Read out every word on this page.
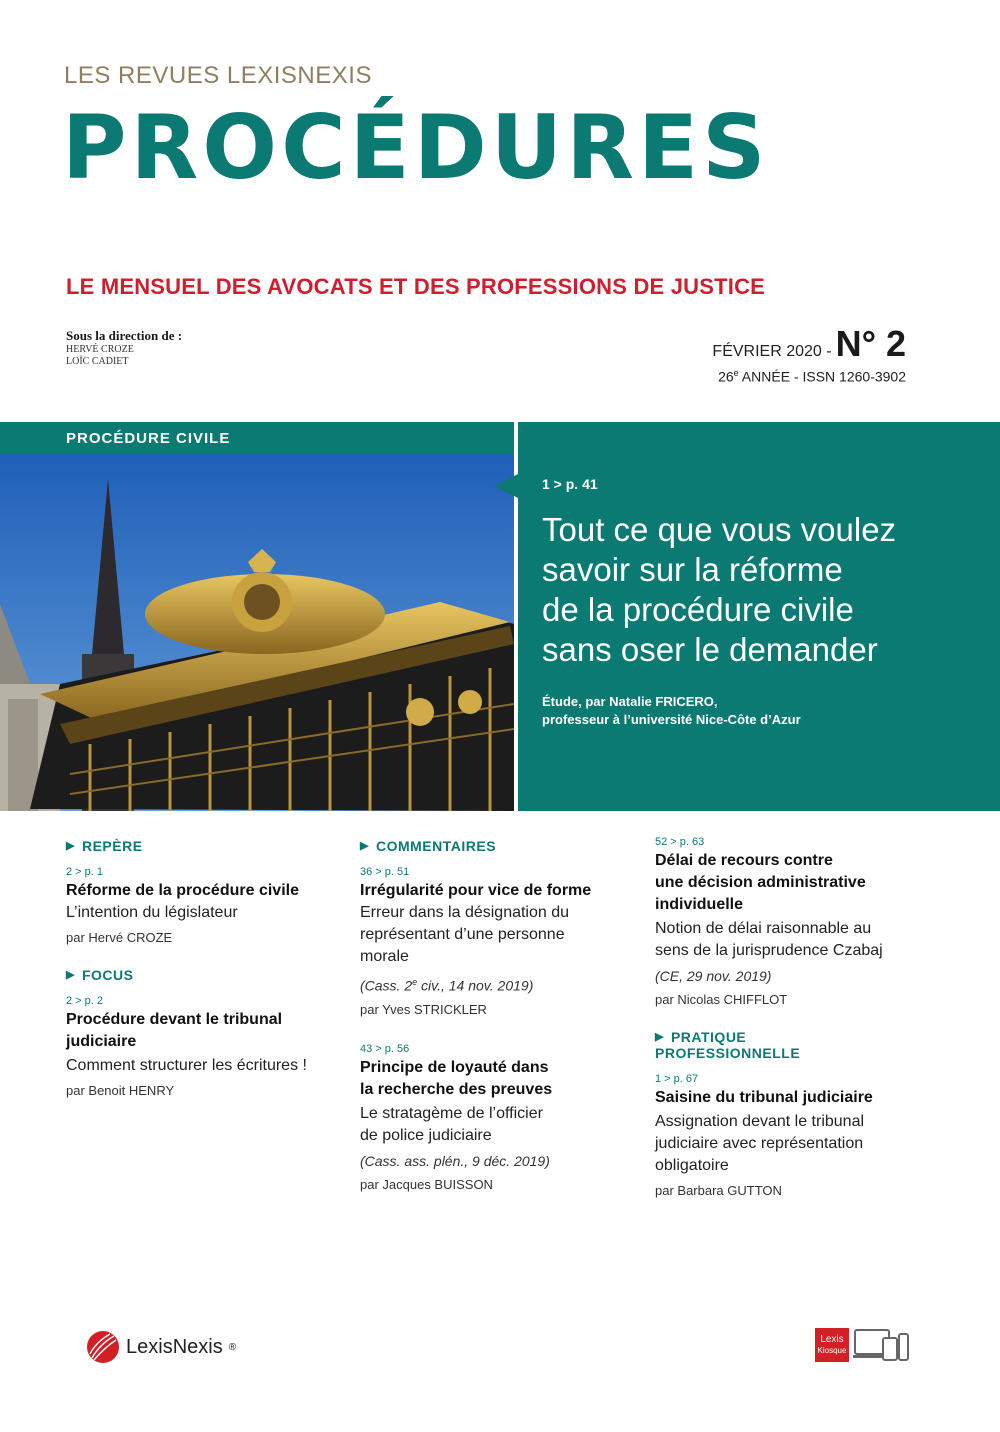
LES REVUES LEXISNEXIS
PROCÉDURES
LE MENSUEL DES AVOCATS ET DES PROFESSIONS DE JUSTICE
Sous la direction de :
HERVÉ CROZE
LOÏC CADIET
FÉVRIER 2020 - N° 2
26e ANNÉE - ISSN 1260-3902
PROCÉDURE CIVILE
1 > p. 41
Tout ce que vous voulez
savoir sur la réforme
de la procédure civile
sans oser le demander
Étude, par Natalie FRICERO,
professeur à l’université Nice-Côte d’Azur
▶ REPÈRE
2 > p. 1
Réforme de la procédure civile
L’intention du législateur
par Hervé CROZE
▶ FOCUS
2 > p. 2
Procédure devant le tribunal
judiciaire
Comment structurer les écritures !
par Benoit HENRY
▶ COMMENTAIRES
36 > p. 51
Irrégularité pour vice de forme
Erreur dans la désignation du
représentant d’une personne
morale
(Cass. 2e civ., 14 nov. 2019)
par Yves STRICKLER
43 > p. 56
Principe de loyauté dans
la recherche des preuves
Le stratagème de l’officier
de police judiciaire
(Cass. ass. plén., 9 déc. 2019)
par Jacques BUISSON
52 > p. 63
Délai de recours contre
une décision administrative
individuelle
Notion de délai raisonnable au
sens de la jurisprudence Czabaj
(CE, 29 nov. 2019)
par Nicolas CHIFFLOT
▶ PRATIQUE
PROFESSIONNELLE
1 > p. 67
Saisine du tribunal judiciaire
Assignation devant le tribunal
judiciaire avec représentation
obligatoire
par Barbara GUTTON
LexisNexis ®
Lexis
Kiosque
